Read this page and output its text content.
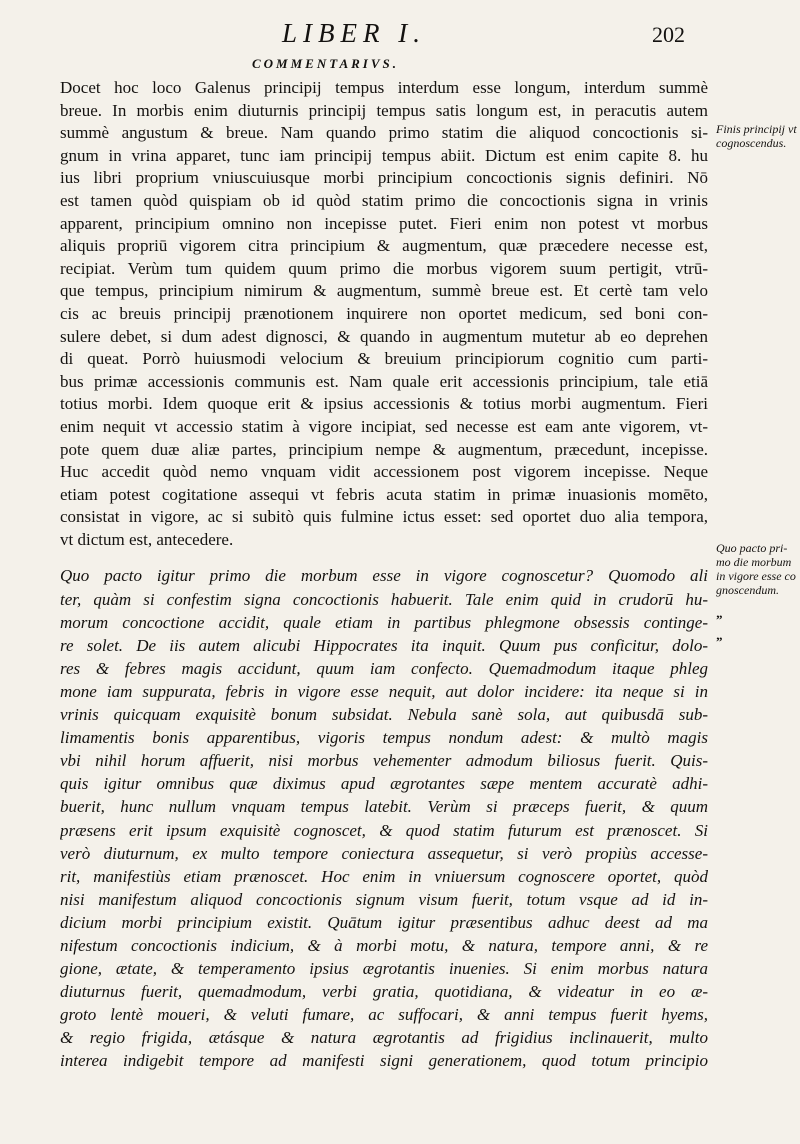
LIBER I.	202
COMMENTARIVS.
Docet hoc loco Galenus principij tempus interdum esse longum, interdum summè
breue. In morbis enim diuturnis principij tempus satis longum est, in peracutis autem
summè angustum & breue. Nam quando primo statim die aliquod concoctionis si-
gnum in vrina apparet, tunc iam principij tempus abiit. Dictum est enim capite 8. hu
ius libri proprium vniuscuiusque morbi principium concoctionis signis definiri. Nō
est tamen quòd quispiam ob id quòd statim primo die concoctionis signa in vrinis
apparent, principium omnino non incepisse putet. Fieri enim non potest vt morbus
aliquis propriū vigorem citra principium & augmentum, quæ præcedere necesse est,
recipiat. Verùm tum quidem quum primo die morbus vigorem suum pertigit, vtrū-
que tempus, principium nimirum & augmentum, summè breue est. Et certè tam velo
cis ac breuis principij prænotionem inquirere non oportet medicum, sed boni con-
sulere debet, si dum adest dignosci, & quando in augmentum mutetur ab eo deprehen
di queat. Porrò huiusmodi velocium & breuium principiorum cognitio cum parti-
bus primæ accessionis communis est. Nam quale erit accessionis principium, tale etiā
totius morbi. Idem quoque erit & ipsius accessionis & totius morbi augmentum. Fieri
enim nequit vt accessio statim à vigore incipiat, sed necesse est eam ante vigorem, vt-
pote quem duæ aliæ partes, principium nempe & augmentum, præcedunt, incepisse.
Huc accedit quòd nemo vnquam vidit accessionem post vigorem incepisse. Neque
etiam potest cogitatione assequi vt febris acuta statim in primæ inuasionis momēto,
consistat in vigore, ac si subitò quis fulmine ictus esset: sed oportet duo alia tempora,
vt dictum est, antecedere.
Quo pacto igitur primo die morbum esse in vigore cognoscetur? Quomodo ali
ter, quàm si confestim signa concoctionis habuerit. Tale enim quid in crudorū hu-
morum concoctione accidit, quale etiam in partibus phlegmone obsessis continge-
re solet. De iis autem alicubi Hippocrates ita inquit. Quum pus conficitur, dolo-
res & febres magis accidunt, quum iam confecto. Quemadmodum itaque phleg
mone iam suppurata, febris in vigore esse nequit, aut dolor incidere: ita neque si in
vrinis quicquam exquisitè bonum subsidat. Nebula sanè sola, aut quibusdā sub-
limamentis bonis apparentibus, vigoris tempus nondum adest: & multò magis
vbi nihil horum affuerit, nisi morbus vehementer admodum biliosus fuerit. Quis-
quis igitur omnibus quæ diximus apud ægrotantes sæpe mentem accuratè adhi-
buerit, hunc nullum vnquam tempus latebit. Verùm si præceps fuerit, & quum
præsens erit ipsum exquisitè cognoscet, & quod statim futurum est prænoscet. Si
verò diuturnum, ex multo tempore coniectura assequetur, si verò propiùs accesse-
rit, manifestiùs etiam prænoscet. Hoc enim in vniuersum cognoscere oportet, quòd
nisi manifestum aliquod concoctionis signum visum fuerit, totum vsque ad id in-
dicium morbi principium existit. Quātum igitur præsentibus adhuc deest ad ma
nifestum concoctionis indicium, & à morbi motu, & natura, tempore anni, & re
gione, ætate, & temperamento ipsius ægrotantis inuenies. Si enim morbus natura
diuturnus fuerit, quemadmodum, verbi gratia, quotidiana, & videatur in eo æ-
groto lentè moueri, & veluti fumare, ac suffocari, & anni tempus fuerit hyems,
& regio frigida, ætásque & natura ægrotantis ad frigidius inclinauerit, multo
interea indigebit tempore ad manifesti signi generationem, quod totum principio
Finis principij vt
cognoscendus.
Quo pacto pri-
mo die morbum
in vigore esse co
gnoscendum.
”
”
